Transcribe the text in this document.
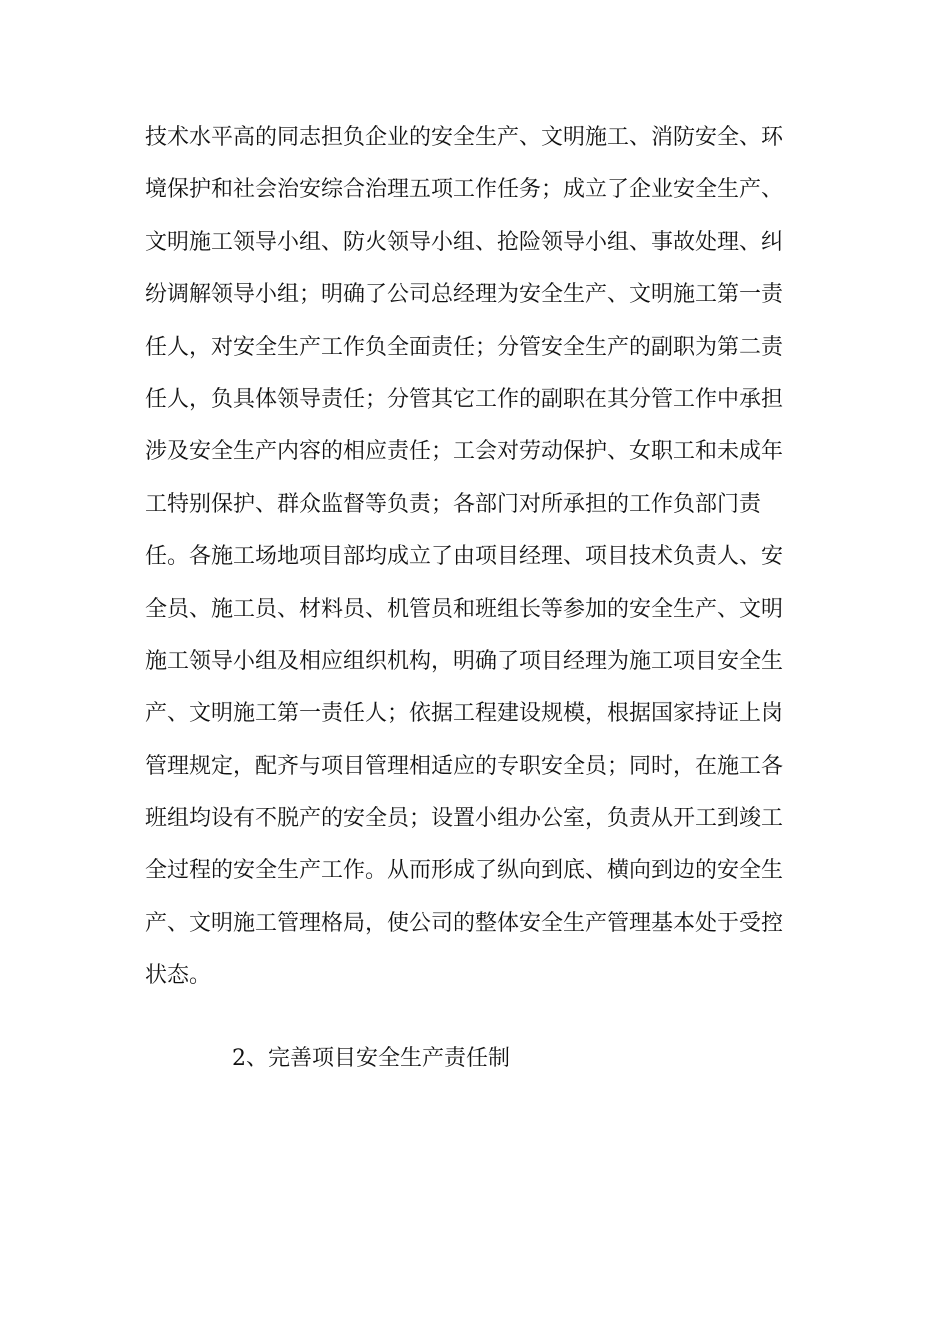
技术水平高的同志担负企业的安全生产、文明施工、消防安全、环
境保护和社会治安综合治理五项工作任务；成立了企业安全生产、
文明施工领导小组、防火领导小组、抢险领导小组、事故处理、纠
纷调解领导小组；明确了公司总经理为安全生产、文明施工第一责
任人，对安全生产工作负全面责任；分管安全生产的副职为第二责
任人，负具体领导责任；分管其它工作的副职在其分管工作中承担
涉及安全生产内容的相应责任；工会对劳动保护、女职工和未成年
工特别保护、群众监督等负责；各部门对所承担的工作负部门责
任。各施工场地项目部均成立了由项目经理、项目技术负责人、安
全员、施工员、材料员、机管员和班组长等参加的安全生产、文明
施工领导小组及相应组织机构，明确了项目经理为施工项目安全生
产、文明施工第一责任人；依据工程建设规模，根据国家持证上岗
管理规定，配齐与项目管理相适应的专职安全员；同时，在施工各
班组均设有不脱产的安全员；设置小组办公室，负责从开工到竣工
全过程的安全生产工作。从而形成了纵向到底、横向到边的安全生
产、文明施工管理格局，使公司的整体安全生产管理基本处于受控
状态。
2、完善项目安全生产责任制
